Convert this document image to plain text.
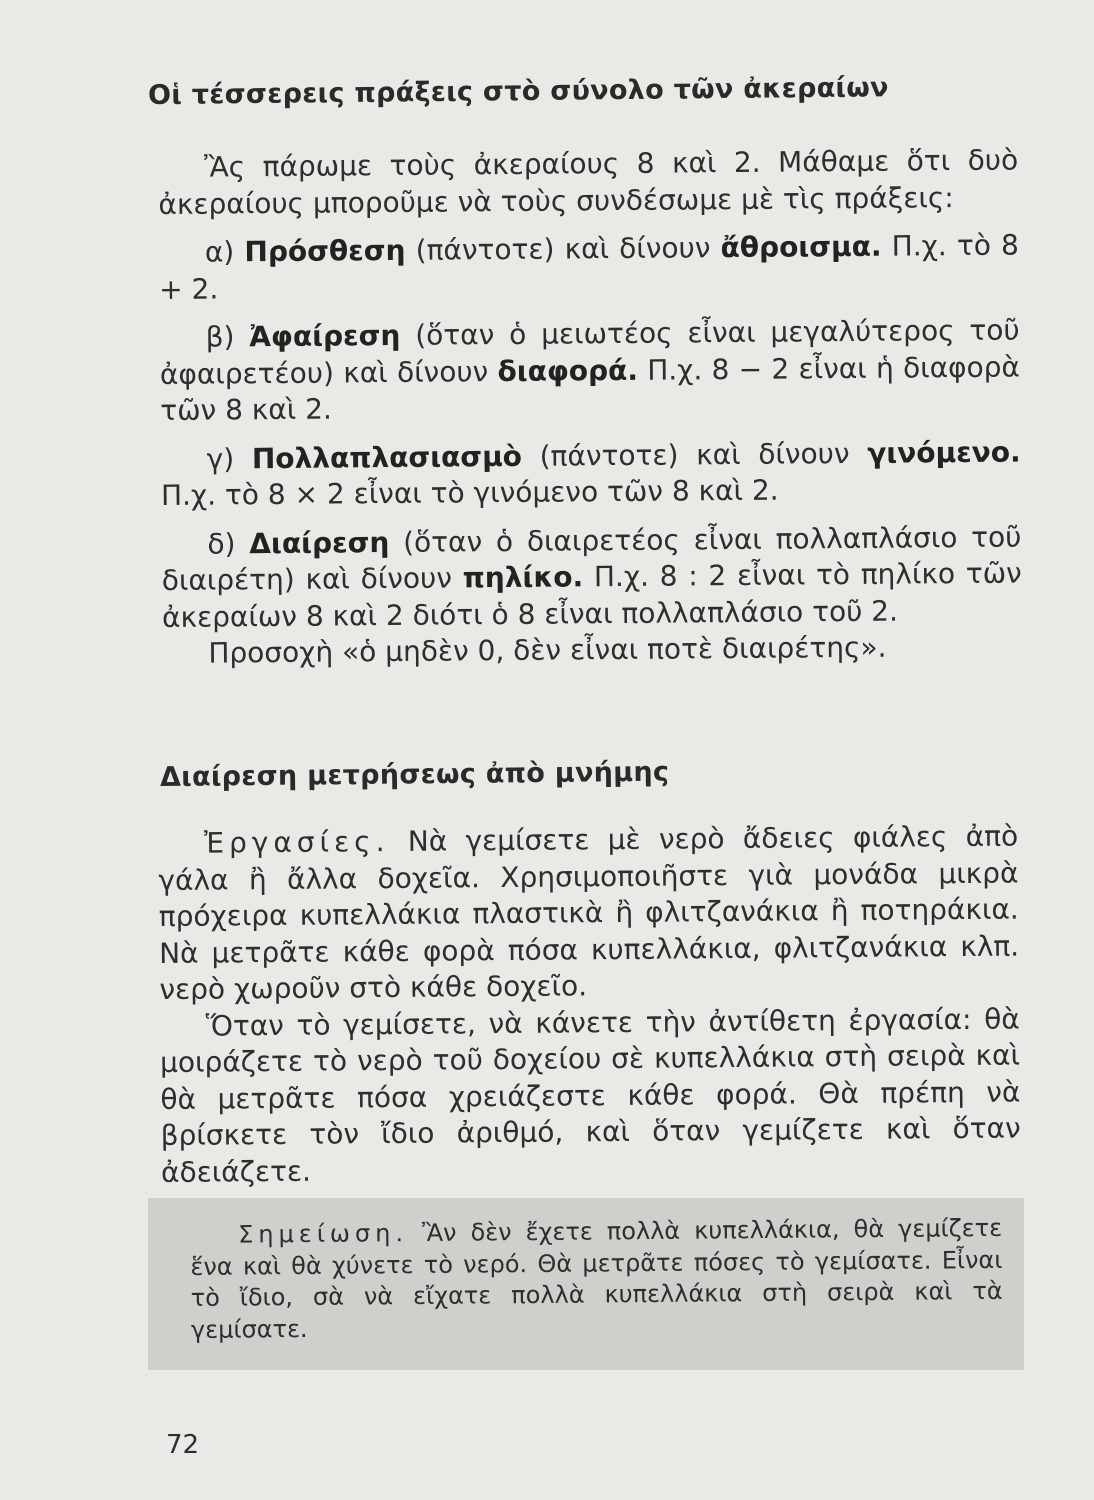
Οἱ τέσσερεις πράξεις στὸ σύνολο τῶν ἀκεραίων

Ἂς πάρωμε τοὺς ἀκεραίους 8 καὶ 2. Μάθαμε ὅτι δυὸ ἀκεραίους μποροῦμε νὰ τοὺς συνδέσωμε μὲ τὶς πράξεις:

α) Πρόσθεση (πάντοτε) καὶ δίνουν ἄθροισμα. Π.χ. τὸ 8 + 2.

β) Ἀφαίρεση (ὅταν ὁ μειωτέος εἶναι μεγαλύτερος τοῦ ἀφαιρετέου) καὶ δίνουν διαφορά. Π.χ. 8 − 2 εἶναι ἡ διαφορὰ τῶν 8 καὶ 2.

γ) Πολλαπλασιασμὸ (πάντοτε) καὶ δίνουν γινόμενο. Π.χ. τὸ 8 × 2 εἶναι τὸ γινόμενο τῶν 8 καὶ 2.

δ) Διαίρεση (ὅταν ὁ διαιρετέος εἶναι πολλαπλάσιο τοῦ διαιρέτη) καὶ δίνουν πηλίκο. Π.χ. 8 : 2 εἶναι τὸ πηλίκο τῶν ἀκεραίων 8 καὶ 2 διότι ὁ 8 εἶναι πολλαπλάσιο τοῦ 2.

Προσοχὴ «ὁ μηδὲν 0, δὲν εἶναι ποτὲ διαιρέτης».

Διαίρεση μετρήσεως ἀπὸ μνήμης

Ἐργασίες. Νὰ γεμίσετε μὲ νερὸ ἄδειες φιάλες ἀπὸ γάλα ἢ ἄλλα δοχεῖα. Χρησιμοποιῆστε γιὰ μονάδα μικρὰ πρόχειρα κυπελλάκια πλαστικὰ ἢ φλιτζανάκια ἢ ποτηράκια. Νὰ μετρᾶτε κάθε φορὰ πόσα κυπελλάκια, φλιτζανάκια κλπ. νερὸ χωροῦν στὸ κάθε δοχεῖο.

Ὅταν τὸ γεμίσετε, νὰ κάνετε τὴν ἀντίθετη ἐργασία: θὰ μοιράζετε τὸ νερὸ τοῦ δοχείου σὲ κυπελλάκια στὴ σειρὰ καὶ θὰ μετρᾶτε πόσα χρειάζεστε κάθε φορά. Θὰ πρέπη νὰ βρίσκετε τὸν ἴδιο ἀριθμό, καὶ ὅταν γεμίζετε καὶ ὅταν ἀδειάζετε.

Σημείωση. Ἂν δὲν ἔχετε πολλὰ κυπελλάκια, θὰ γεμίζετε ἕνα καὶ θὰ χύνετε τὸ νερό. Θὰ μετρᾶτε πόσες τὸ γεμίσατε. Εἶναι τὸ ἴδιο, σὰ νὰ εἴχατε πολλὰ κυπελλάκια στὴ σειρὰ καὶ τὰ γεμίσατε.

72
